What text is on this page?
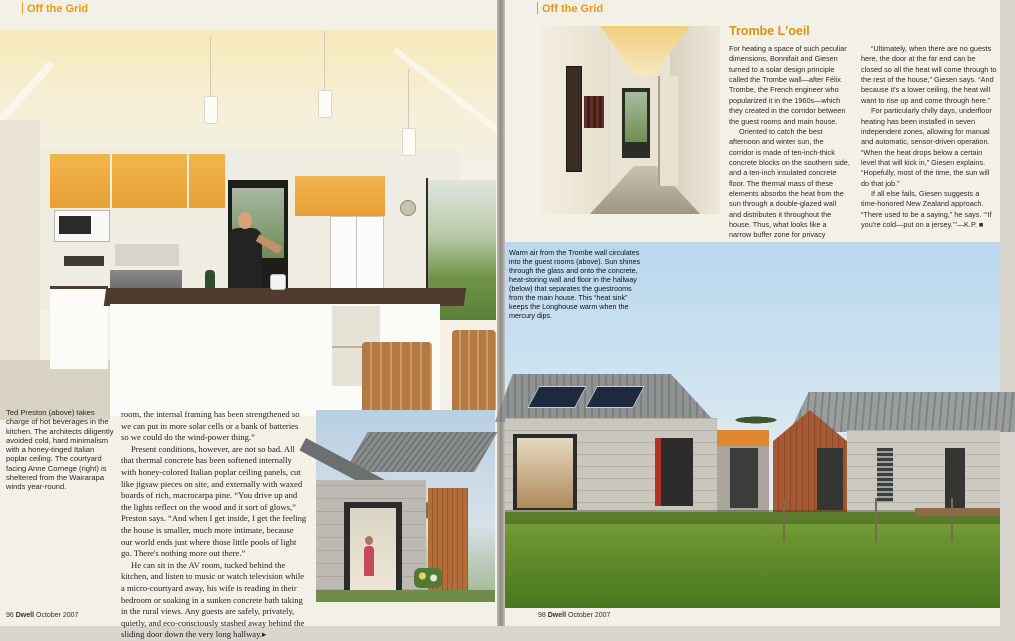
Off the Grid
Ted Preston (above) takes charge of hot beverages in the kitchen. The architects diligently avoided cold, hard minimalism with a honey-tinged Italian poplar ceiling. The courtyard facing Anne Cornege (right) is sheltered from the Wairarapa winds year-round.

room, the internal framing has been strengthened so we can put in more solar cells or a bank of batteries so we could do the wind-power thing.”

Present conditions, however, are not so bad. All that thermal concrete has been softened internally with honey-colored Italian poplar ceiling panels, cut like jigsaw pieces on site, and externally with waxed boards of rich, macrocarpa pine. “You drive up and the lights reflect on the wood and it sort of glows,” Preston says. “And when I get inside, I get the feeling the house is smaller, much more intimate, because our world ends just where those little pools of light go. There's nothing more out there.”

He can sit in the AV room, tucked behind the kitchen, and listen to music or watch television while a micro-courtyard away, his wife is reading in their bedroom or soaking in a sunken concrete bath taking in the rural views. Any guests are safely, privately, quietly, and eco-consciously stashed away behind the sliding door down the very long hallway.▸

96 Dwell October 2007
Off the Grid
Trombe L'oeil

For heating a space of such peculiar dimensions, Bonnifait and Giesen turned to a solar design principle called the Trombe wall—after Félix Trombe, the French engineer who popularized it in the 1960s—which they created in the corridor between the guest rooms and main house.

Oriented to catch the best afternoon and winter sun, the corridor is made of ten-inch-thick concrete blocks on the southern side, and a ten-inch insulated concrete floor. The thermal mass of these elements absorbs the heat from the sun through a double-glazed wall and distributes it throughout the house. Thus, what looks like a narrow buffer zone for privacy

“Ultimately, when there are no guests here, the door at the far end can be closed so all the heat will come through to the rest of the house,” Giesen says. “And because it's a lower ceiling, the heat will want to rise up and come through here.”

For particularly chilly days, underfloor heating has been installed in seven independent zones, allowing for manual and automatic, sensor-driven operation. “When the heat drops below a certain level that will kick in,” Giesen explains. “Hopefully, most of the time, the sun will do that job.”

If all else fails, Giesen suggests a time-honored New Zealand approach. “There used to be a saying,” he says. “‘If you're cold—put on a jersey.’”—K.P. ■

Warm air from the Trombe wall circulates into the guest rooms (above). Sun shines through the glass and onto the concrete, heat-storing wall and floor in the hallway (below) that separates the guestrooms from the main house. This “heat sink” keeps the Longhouse warm when the mercury dips.
98 Dwell October 2007
